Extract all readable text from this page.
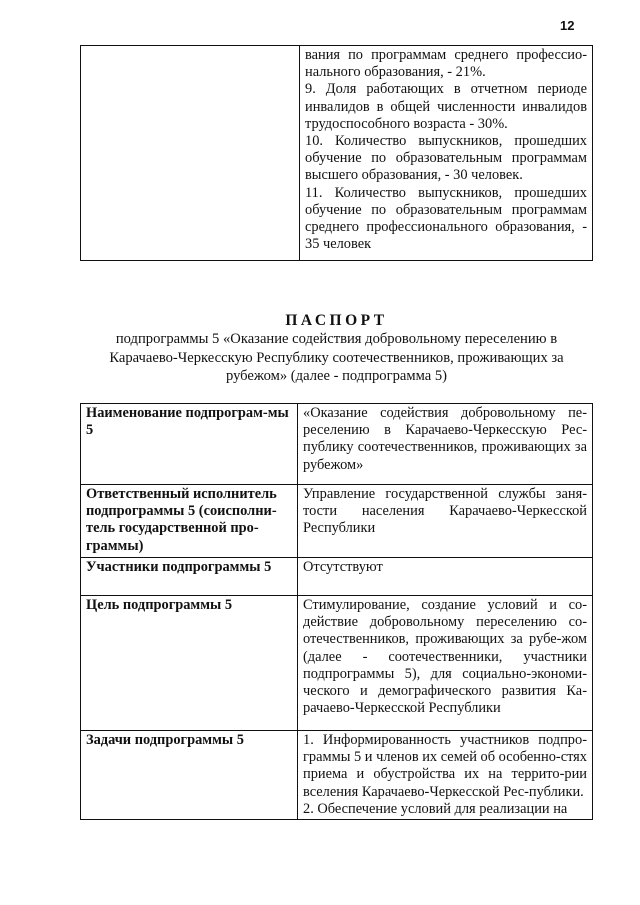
12

вания по программам среднего профессио-нального образования, - 21%.

9. Доля работающих в отчетном периоде инвалидов в общей численности инвалидов трудоспособного возраста - 30%.

10. Количество выпускников, прошедших обучение по образовательным программам высшего образования, - 30 человек.

11. Количество выпускников, прошедших обучение по образовательным программам среднего профессионального образования, - 35 человек

ПАСПОРТ
подпрограммы 5 «Оказание содействия добровольному переселению в Карачаево-Черкесскую Республику соотечественников, проживающих за рубежом» (далее - подпрограмма 5)
Наименование подпрограм-мы 5	«Оказание содействия добровольному пе-реселению в Карачаево-Черкесскую Рес-публику соотечественников, проживающих за рубежом»
Ответственный исполнитель подпрограммы 5 (соисполни-тель государственной про-граммы)	Управление государственной службы заня-тости населения Карачаево-Черкесской Республики
Участники подпрограммы 5	Отсутствуют
Цель подпрограммы 5	Стимулирование, создание условий и со-действие добровольному переселению со-отечественников, проживающих за рубе-жом (далее - соотечественники, участники подпрограммы 5), для социально-экономи-ческого и демографического развития Ка-рачаево-Черкесской Республики
Задачи подпрограммы 5	1. Информированность участников подпро-граммы 5 и членов их семей об особенно-стях приема и обустройства их на террито-рии вселения Карачаево-Черкесской Рес-публики.

2. Обеспечение условий для реализации на
